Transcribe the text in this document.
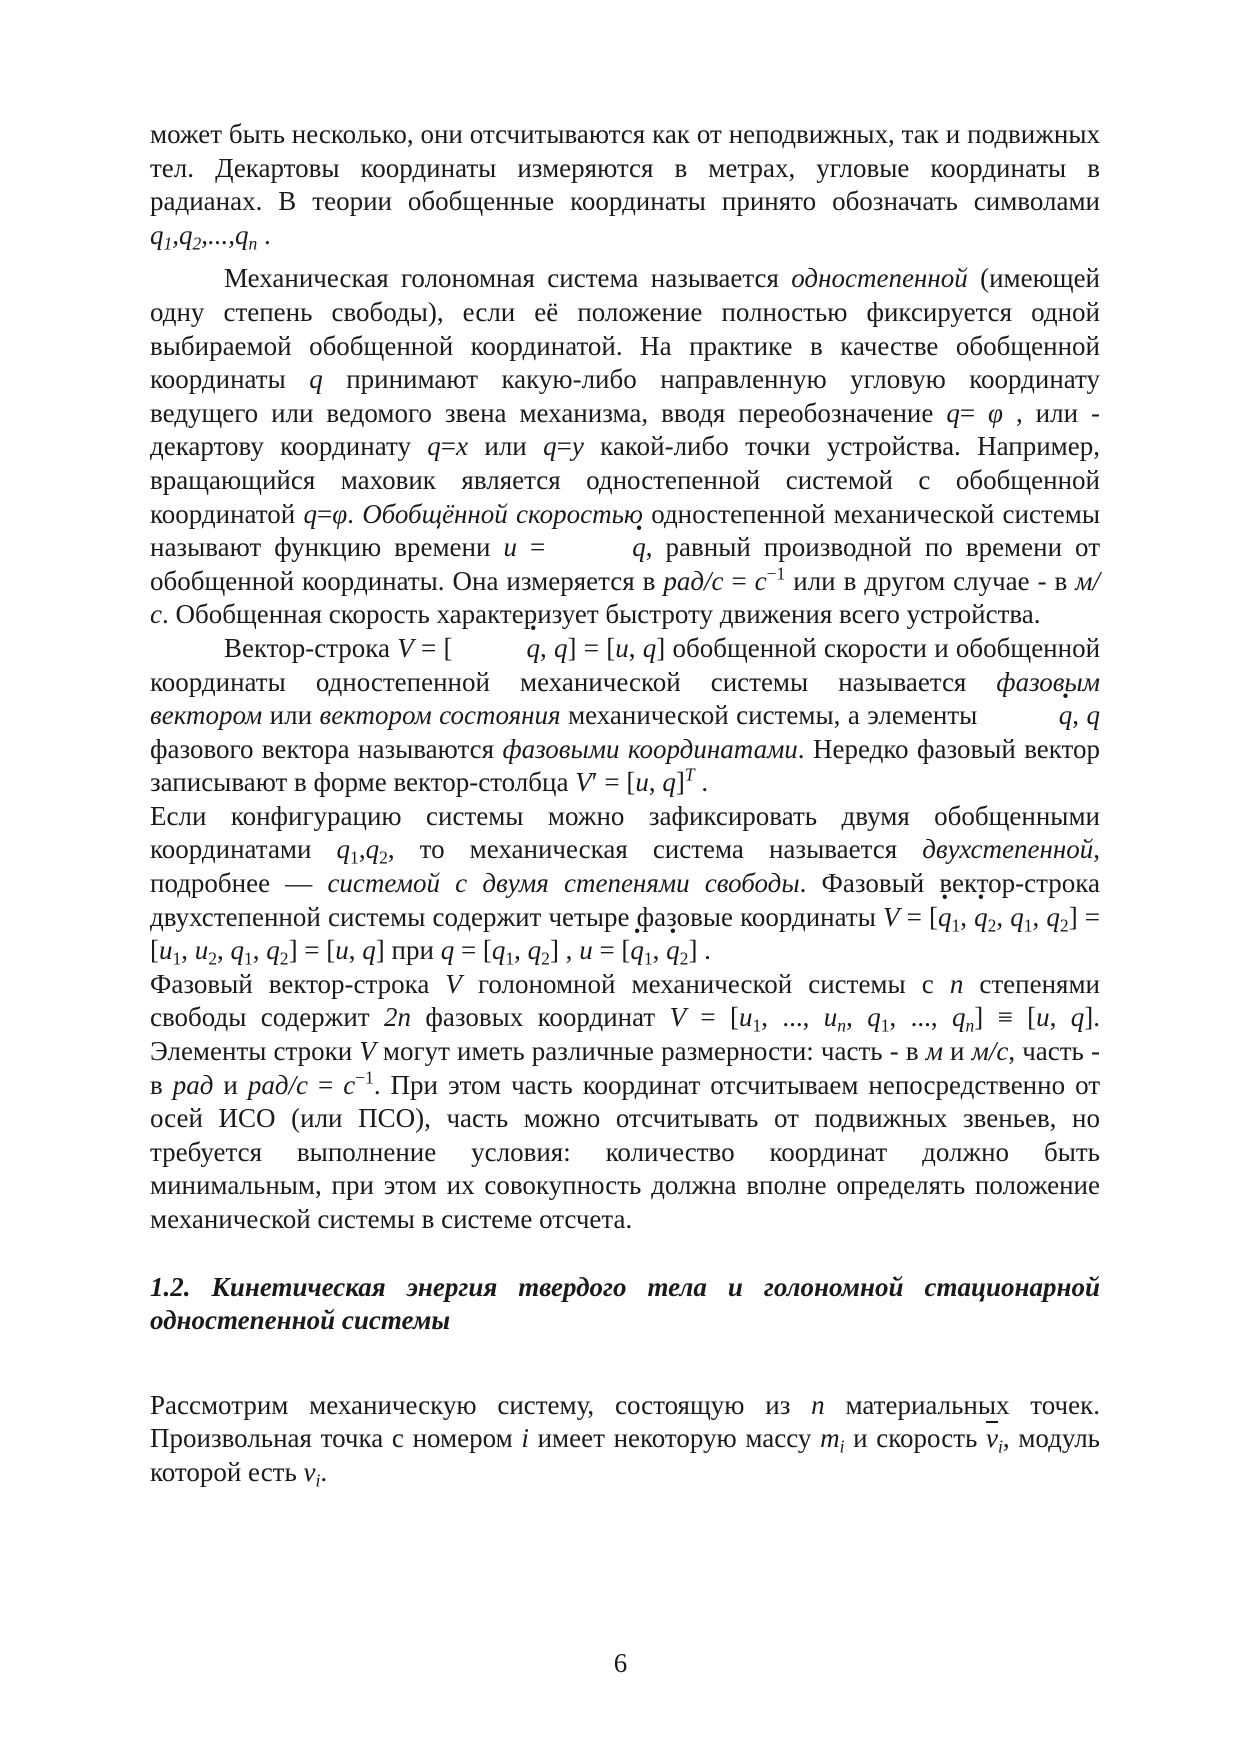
может быть несколько, они отсчитываются как от неподвижных, так и подвижных тел. Декартовы координаты измеряются в метрах, угловые координаты в радианах. В теории обобщенные координаты принято обозначать символами $q_1,q_2,...,q_n$ .

Механическая голономная система называется одностепенной (имеющей одну степень свободы), если её положение полностью фиксируется одной выбираемой обобщенной координатой. На практике в качестве обобщенной координаты q принимают какую-либо направленную угловую координату ведущего или ведомого звена механизма, вводя переобозначение q= φ , или - декартову координату q=x или q=y какой-либо точки устройства. Например, вращающийся маховик является одностепенной системой с обобщенной координатой q=φ. Обобщённой скоростью одностепенной механической системы называют функцию времени u =	q ·, равный производной по времени от обобщенной координаты. Она измеряется в $рад/с = c^{-1}$ или в другом случае - в м/с. Обобщенная скорость характеризует быстроту движения всего устройства.

Вектор-строка V = [	q ·, q] = [u, q] обобщенной скорости и обобщенной координаты одностепенной механической системы называется фазовым вектором или вектором состояния механической системы, а элементы	q ·, q фазового вектора называются фазовыми координатами. Нередко фазовый вектор записывают в форме вектор-столбца V′ = [u, q]$^T$ .

Если конфигурацию системы можно зафиксировать двумя обобщенными координатами $q_1,q_2$, то механическая система называется двухстепенной, подробнее — системой с двумя степенями свободы. Фазовый вектор-строка двухстепенной системы содержит четыре фазовые координаты $V = [q \cdot_1$, $q \cdot_2$, $q_1$, $q_2] = [u_1$, $u_2$, $q_1$, $q_2] = [u$, q] при $q = [q_1$, $q_2$] , $u = [q \cdot_1$, $q \cdot_2$] .

Фазовый вектор-строка V голономной механической системы с n степенями свободы содержит 2n фазовых координат $V = [u_1$, ..., $u_n$, $q_1$, ..., $q_n] \equiv [u$, q]. Элементы строки V могут иметь различные размерности: часть - в м и м/с, часть - в рад и $рад/с = c^{-1}$. При этом часть координат отсчитываем непосредственно от осей ИСО (или ПСО), часть можно отсчитывать от подвижных звеньев, но требуется выполнение условия: количество координат должно быть минимальным, при этом их совокупность должна вполне определять положение механической системы в системе отсчета.

1.2. Кинетическая энергия твердого тела и голономной стационарной одностепенной системы

Рассмотрим механическую систему, состоящую из n материальных точек. Произвольная точка с номером i имеет некоторую массу $m_i$ и скорость $\overline{v}_i$, модуль которой есть $v_i$.

6
